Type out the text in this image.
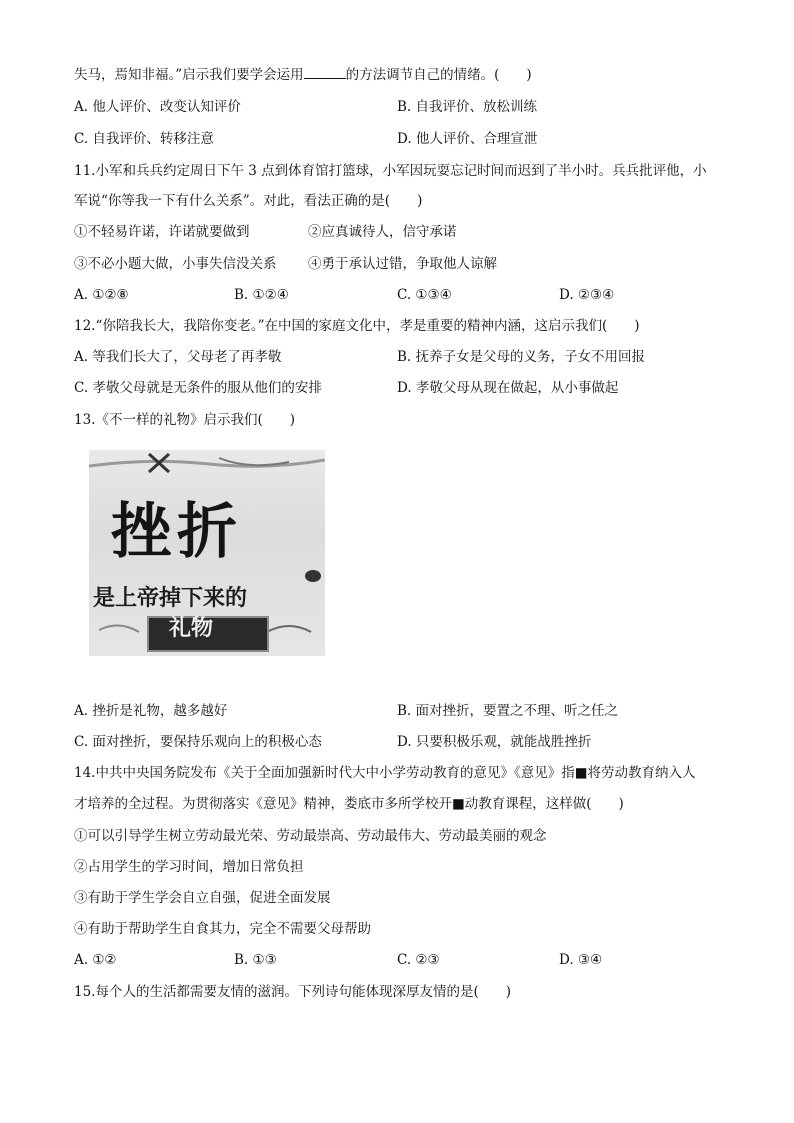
失马，焉知非福。”启示我们要学会运用	的方法调节自己的情绪。(　　)
A. 他人评价、改变认知评价	B. 自我评价、放松训练
C. 自我评价、转移注意	D. 他人评价、合理宣泄
11.小军和兵兵约定周日下午 3 点到体育馆打篮球，小军因玩耍忘记时间而迟到了半小时。兵兵批评他，小
军说“你等我一下有什么关系”。对此，看法正确的是(　　)
①不轻易许诺，许诺就要做到	②应真诚待人，信守承诺
③不必小题大做，小事失信没关系 ④勇于承认过错，争取他人谅解
A. ①②⑧	B. ①②④	C. ①③④	D. ②③④
12.“你陪我长大，我陪你变老。”在中国的家庭文化中，孝是重要的精神内涵，这启示我们(　　)
A. 等我们长大了，父母老了再孝敬	B. 抚养子女是父母的义务，子女不用回报
C. 孝敬父母就是无条件的服从他们的安排	D. 孝敬父母从现在做起，从小事做起
13.《不一样的礼物》启示我们(　　)
挫折
是上帝掉下来的
礼物
A. 挫折是礼物，越多越好	B. 面对挫折，要置之不理、听之任之
C. 面对挫折，要保持乐观向上的积极心态	D. 只要积极乐观，就能战胜挫折
14.中共中央国务院发布《关于全面加强新时代大中小学劳动教育的意见》《意见》指■将劳动教育纳入人
才培养的全过程。为贯彻落实《意见》精神，娄底市多所学校开■动教育课程，这样做(　　)
①可以引导学生树立劳动最光荣、劳动最崇高、劳动最伟大、劳动最美丽的观念
②占用学生的学习时间，增加日常负担
③有助于学生学会自立自强，促进全面发展
④有助于帮助学生自食其力，完全不需要父母帮助
A. ①②	B. ①③	C. ②③	D. ③④
15.每个人的生活都需要友情的滋润。下列诗句能体现深厚友情的是(　　)
